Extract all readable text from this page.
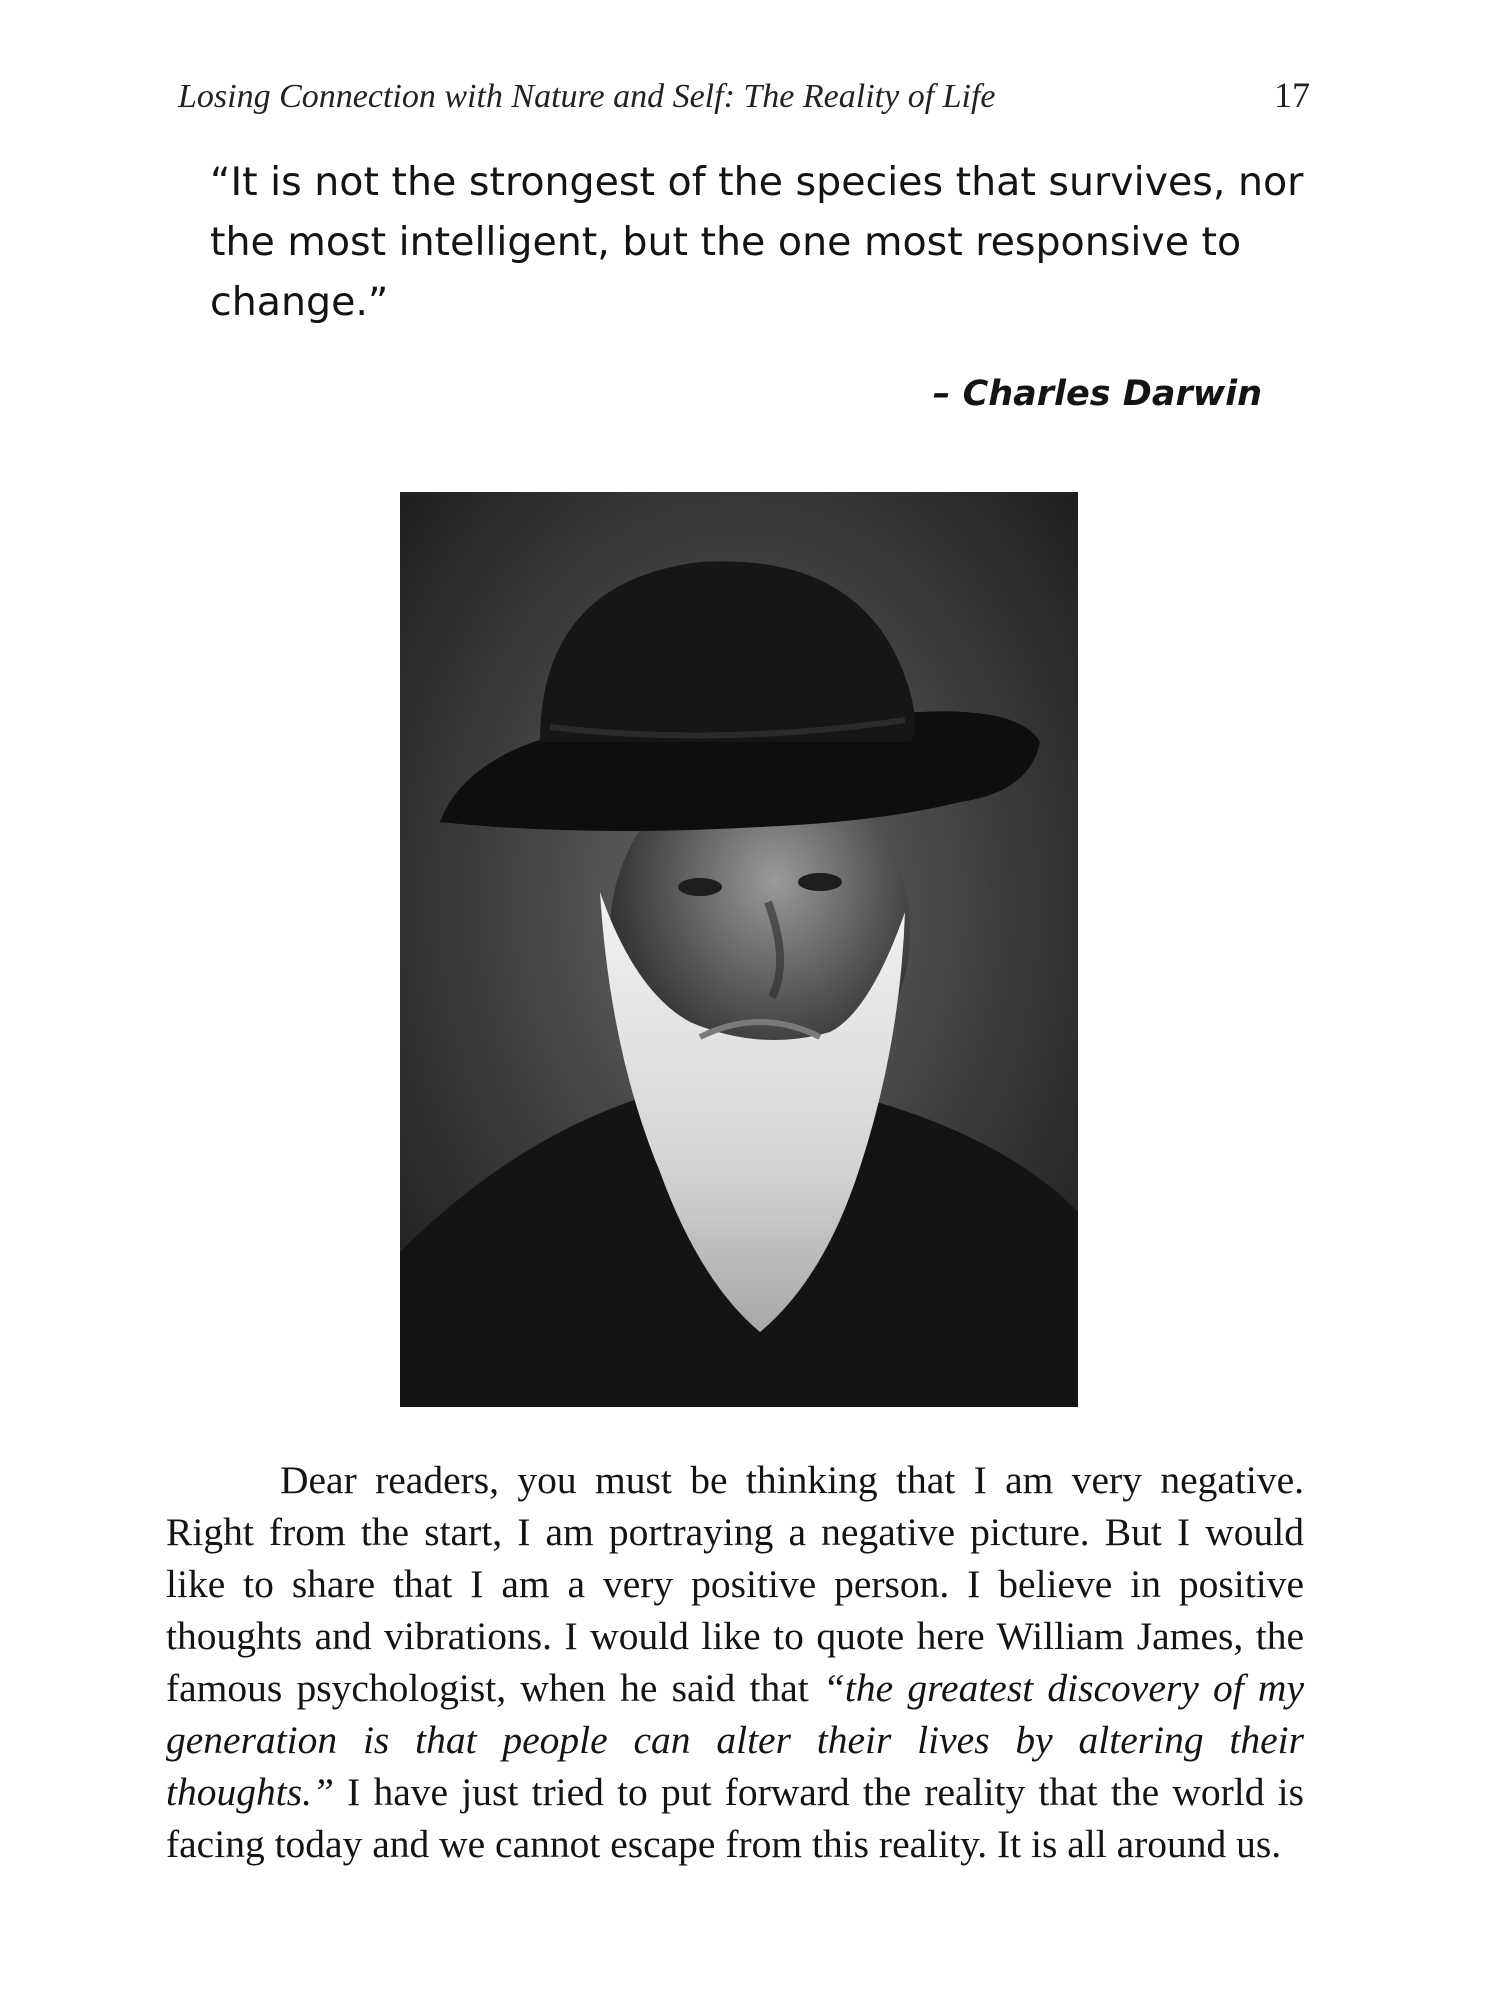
Losing Connection with Nature and Self: The Reality of Life	17

“It is not the strongest of the species that survives, nor the most intelligent, but the one most responsive to change.”

– Charles Darwin

Dear readers, you must be thinking that I am very negative. Right from the start, I am portraying a negative picture. But I would like to share that I am a very positive person. I believe in positive thoughts and vibrations. I would like to quote here William James, the famous psychologist, when he said that “the greatest discovery of my generation is that people can alter their lives by altering their thoughts.” I have just tried to put forward the reality that the world is facing today and we cannot escape from this reality. It is all around us.
